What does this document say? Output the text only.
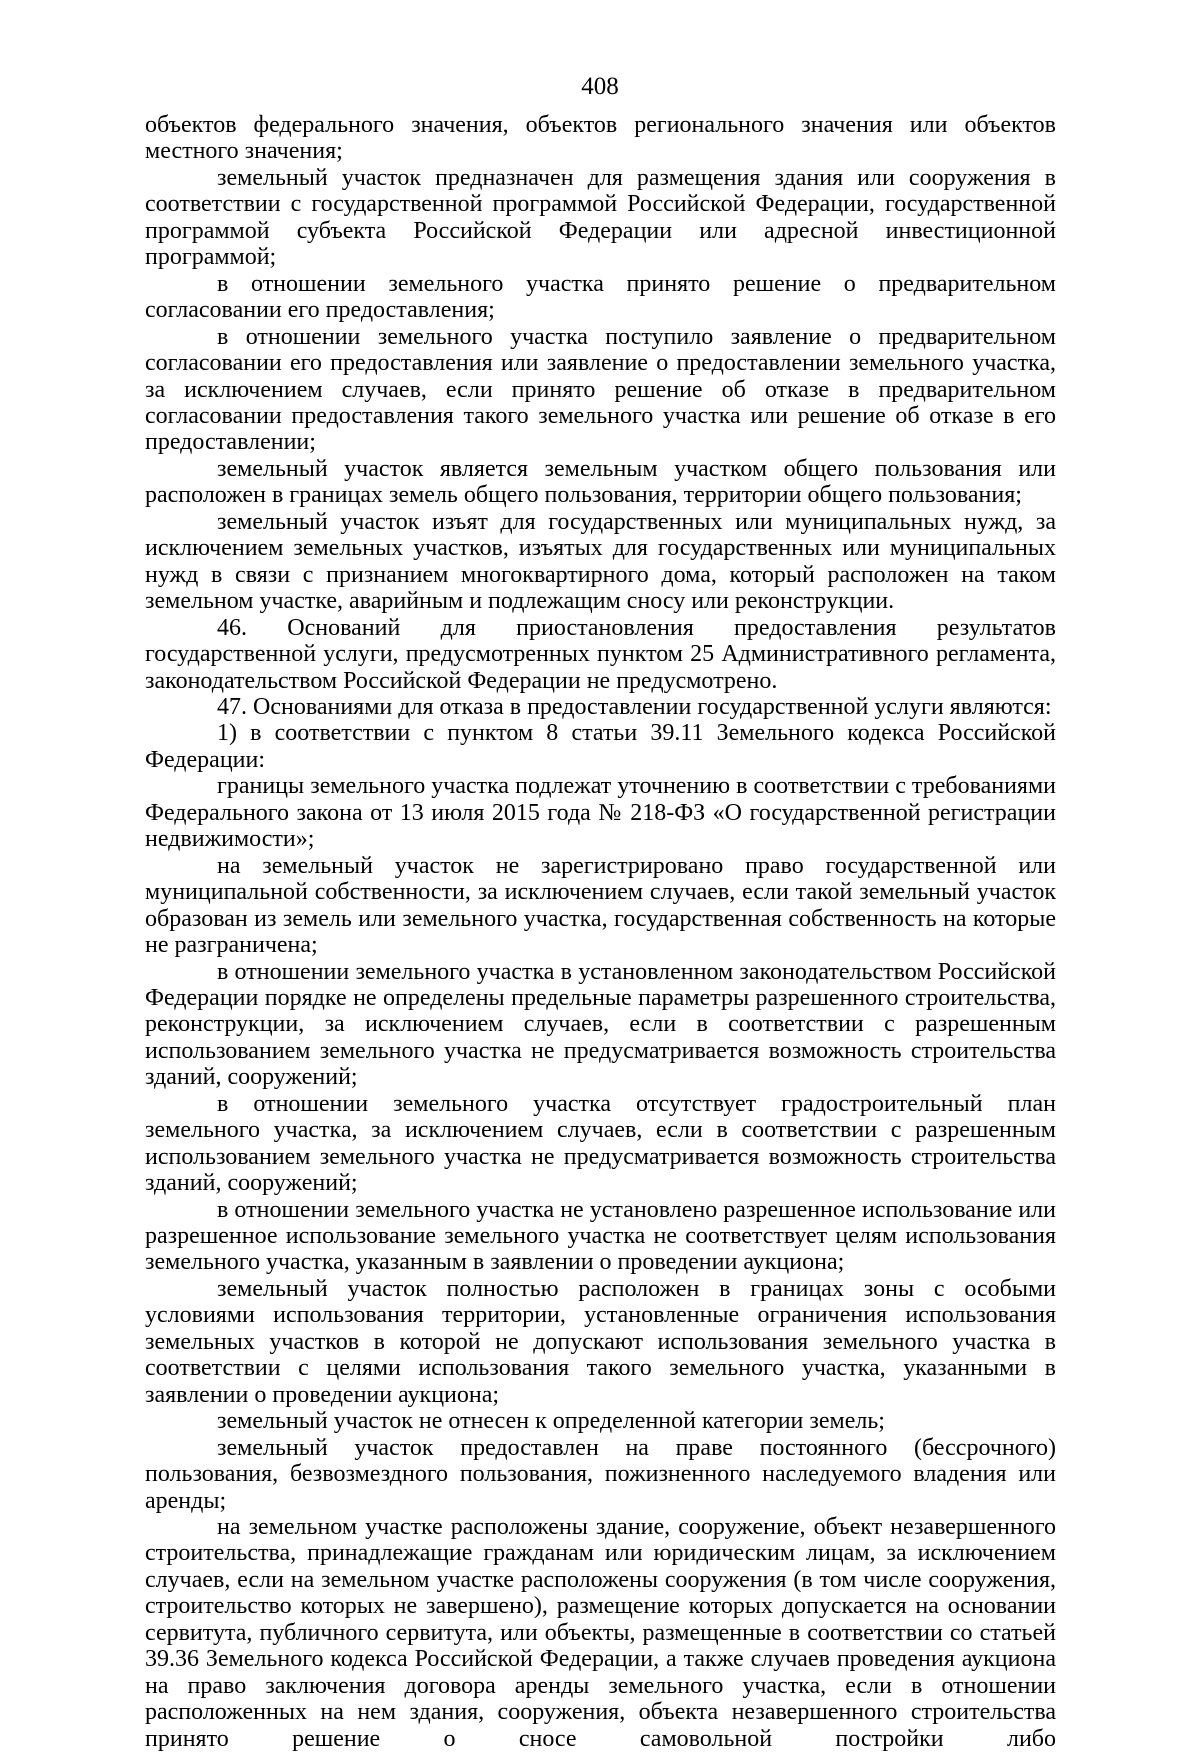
408

объектов федерального значения, объектов регионального значения или объектов местного значения;

земельный участок предназначен для размещения здания или сооружения в соответствии с государственной программой Российской Федерации, государственной программой субъекта Российской Федерации или адресной инвестиционной программой;

в отношении земельного участка принято решение о предварительном согласовании его предоставления;

в отношении земельного участка поступило заявление о предварительном согласовании его предоставления или заявление о предоставлении земельного участка, за исключением случаев, если принято решение об отказе в предварительном согласовании предоставления такого земельного участка или решение об отказе в его предоставлении;

земельный участок является земельным участком общего пользования или расположен в границах земель общего пользования, территории общего пользования;

земельный участок изъят для государственных или муниципальных нужд, за исключением земельных участков, изъятых для государственных или муниципальных нужд в связи с признанием многоквартирного дома, который расположен на таком земельном участке, аварийным и подлежащим сносу или реконструкции.

46. Оснований для приостановления предоставления результатов государственной услуги, предусмотренных пунктом 25 Административного регламента, законодательством Российской Федерации не предусмотрено.

47. Основаниями для отказа в предоставлении государственной услуги являются:

1) в соответствии с пунктом 8 статьи 39.11 Земельного кодекса Российской Федерации:

границы земельного участка подлежат уточнению в соответствии с требованиями Федерального закона от 13 июля 2015 года № 218-ФЗ «О государственной регистрации недвижимости»;

на земельный участок не зарегистрировано право государственной или муниципальной собственности, за исключением случаев, если такой земельный участок образован из земель или земельного участка, государственная собственность на которые не разграничена;

в отношении земельного участка в установленном законодательством Российской Федерации порядке не определены предельные параметры разрешенного строительства, реконструкции, за исключением случаев, если в соответствии с разрешенным использованием земельного участка не предусматривается возможность строительства зданий, сооружений;

в отношении земельного участка отсутствует градостроительный план земельного участка, за исключением случаев, если в соответствии с разрешенным использованием земельного участка не предусматривается возможность строительства зданий, сооружений;

в отношении земельного участка не установлено разрешенное использование или разрешенное использование земельного участка не соответствует целям использования земельного участка, указанным в заявлении о проведении аукциона;

земельный участок полностью расположен в границах зоны с особыми условиями использования территории, установленные ограничения использования земельных участков в которой не допускают использования земельного участка в соответствии с целями использования такого земельного участка, указанными в заявлении о проведении аукциона;

земельный участок не отнесен к определенной категории земель;

земельный участок предоставлен на праве постоянного (бессрочного) пользования, безвозмездного пользования, пожизненного наследуемого владения или аренды;

на земельном участке расположены здание, сооружение, объект незавершенного строительства, принадлежащие гражданам или юридическим лицам, за исключением случаев, если на земельном участке расположены сооружения (в том числе сооружения, строительство которых не завершено), размещение которых допускается на основании сервитута, публичного сервитута, или объекты, размещенные в соответствии со статьей 39.36 Земельного кодекса Российской Федерации, а также случаев проведения аукциона на право заключения договора аренды земельного участка, если в отношении расположенных на нем здания, сооружения, объекта незавершенного строительства принято решение о сносе самовольной постройки либо
